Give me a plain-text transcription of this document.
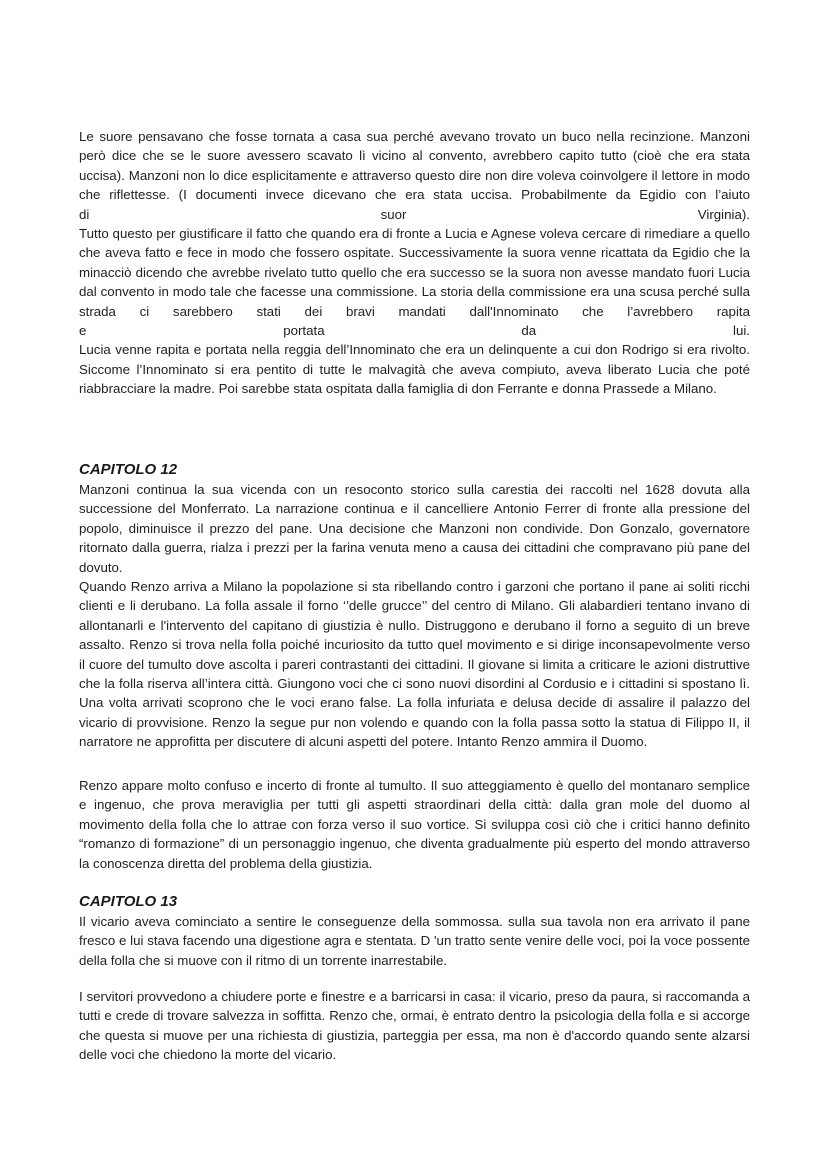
Le suore pensavano che fosse tornata a casa sua perché avevano trovato un buco nella recinzione. Manzoni però dice che se le suore avessero scavato lì vicino al convento, avrebbero capito tutto (cioè che era stata uccisa). Manzoni non lo dice esplicitamente e attraverso questo dire non dire voleva coinvolgere il lettore in modo che riflettesse. (I documenti invece dicevano che era stata uccisa. Probabilmente da Egidio con l’aiuto
di suor Virginia).

Tutto questo per giustificare il fatto che quando era di fronte a Lucia e Agnese voleva cercare di rimediare a quello che aveva fatto e fece in modo che fossero ospitate. Successivamente la suora venne ricattata da Egidio che la minacciò dicendo che avrebbe rivelato tutto quello che era successo se la suora non avesse mandato fuori Lucia dal convento in modo tale che facesse una commissione. La storia della commissione era una scusa perché sulla strada ci sarebbero stati dei bravi mandati dall'Innominato che l’avrebbero rapita
e portata da lui.

Lucia venne rapita e portata nella reggia dell’Innominato che era un delinquente a cui don Rodrigo si era rivolto. Siccome l’Innominato si era pentito di tutte le malvagità che aveva compiuto, aveva liberato Lucia che poté riabbracciare la madre. Poi sarebbe stata ospitata dalla famiglia di don Ferrante e donna Prassede a Milano.

CAPITOLO 12

Manzoni continua la sua vicenda con un resoconto storico sulla carestia dei raccolti nel 1628 dovuta alla successione del Monferrato. La narrazione continua e il cancelliere Antonio Ferrer di fronte alla pressione del popolo, diminuisce il prezzo del pane. Una decisione che Manzoni non condivide. Don Gonzalo, governatore ritornato dalla guerra, rialza i prezzi per la farina venuta meno a causa dei cittadini che compravano più pane del dovuto.

Quando Renzo arriva a Milano la popolazione si sta ribellando contro i garzoni che portano il pane ai soliti ricchi clienti e li derubano. La folla assale il forno ‘’delle grucce’’ del centro di Milano. Gli alabardieri tentano invano di allontanarli e l'intervento del capitano di giustizia è nullo. Distruggono e derubano il forno a seguito di un breve assalto. Renzo si trova nella folla poiché incuriosito da tutto quel movimento e si dirige inconsapevolmente verso il cuore del tumulto dove ascolta i pareri contrastanti dei cittadini. Il giovane si limita a criticare le azioni distruttive che la folla riserva all’intera città. Giungono voci che ci sono nuovi disordini al Cordusio e i cittadini si spostano lì. Una volta arrivati scoprono che le voci erano false. La folla infuriata e delusa decide di assalire il palazzo del vicario di provvisione. Renzo la segue pur non volendo e quando con la folla passa sotto la statua di Filippo II, il narratore ne approfitta per discutere di alcuni aspetti del potere. Intanto Renzo ammira il Duomo.

Renzo appare molto confuso e incerto di fronte al tumulto. Il suo atteggiamento è quello del montanaro semplice e ingenuo, che prova meraviglia per tutti gli aspetti straordinari della città: dalla gran mole del duomo al movimento della folla che lo attrae con forza verso il suo vortice. Si sviluppa così ciò che i critici hanno definito “romanzo di formazione” di un personaggio ingenuo, che diventa gradualmente più esperto del mondo attraverso la conoscenza diretta del problema della giustizia.

CAPITOLO 13

Il vicario aveva cominciato a sentire le conseguenze della sommossa. sulla sua tavola non era arrivato il pane fresco e lui stava facendo una digestione agra e stentata. D 'un tratto sente venire delle voci, poi la voce possente della folla che si muove con il ritmo di un torrente inarrestabile.

I servitori provvedono a chiudere porte e finestre e a barricarsi in casa: il vicario, preso da paura, si raccomanda a tutti e crede di trovare salvezza in soffitta. Renzo che, ormai, è entrato dentro la psicologia della folla e si accorge che questa si muove per una richiesta di giustizia, parteggia per essa, ma non è d'accordo quando sente alzarsi delle voci che chiedono la morte del vicario.
